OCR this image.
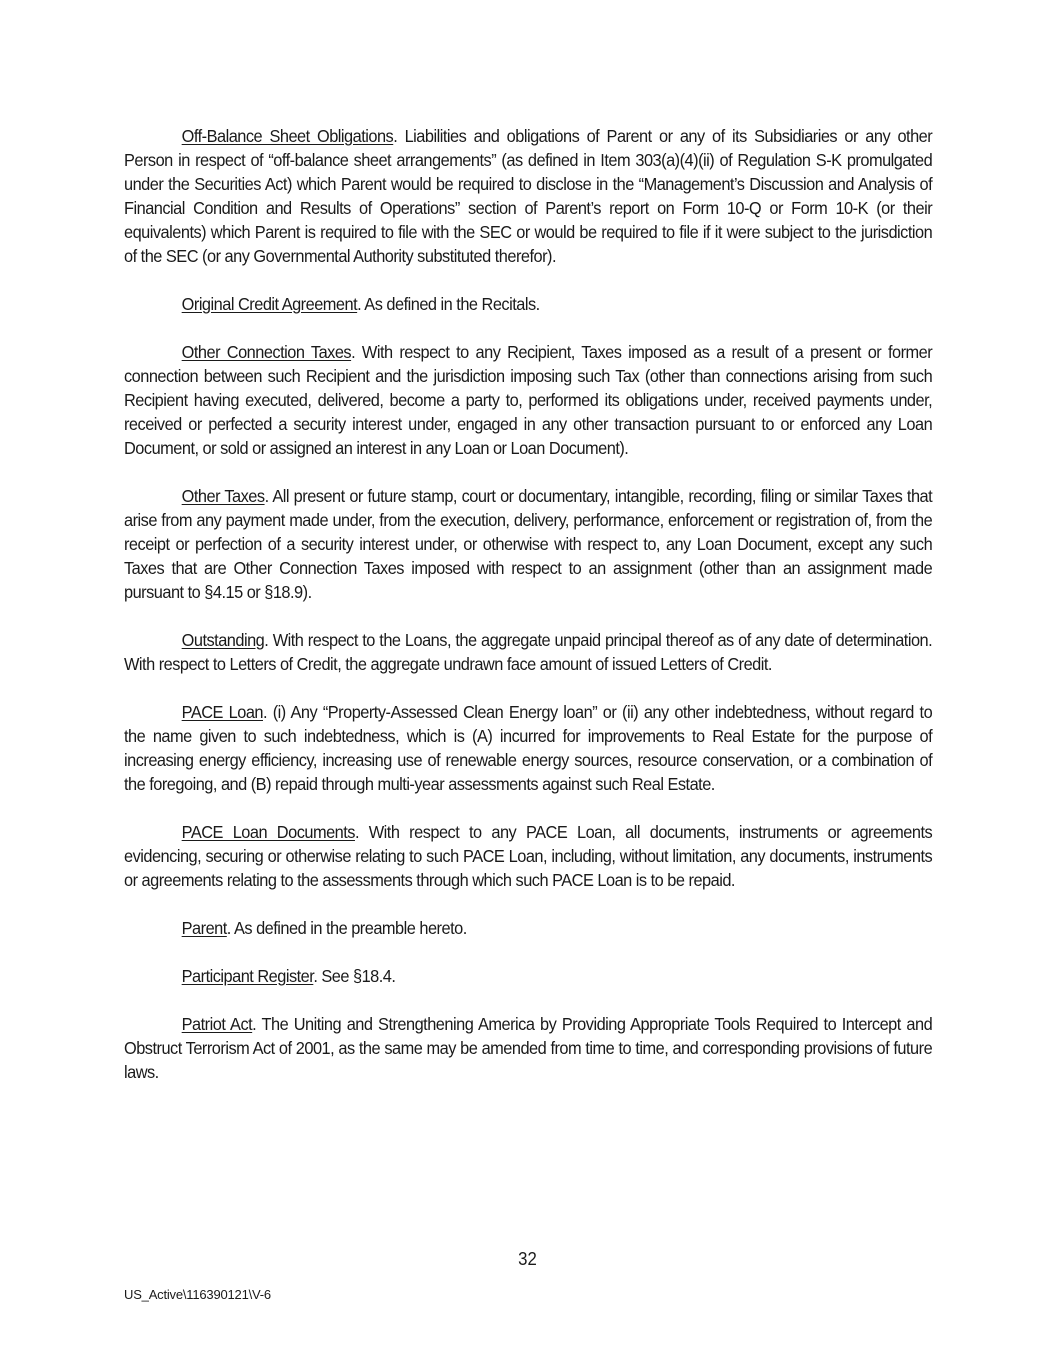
Off-Balance Sheet Obligations. Liabilities and obligations of Parent or any of its Subsidiaries or any other Person in respect of “off-balance sheet arrangements” (as defined in Item 303(a)(4)(ii) of Regulation S-K promulgated under the Securities Act) which Parent would be required to disclose in the “Management’s Discussion and Analysis of Financial Condition and Results of Operations” section of Parent’s report on Form 10-Q or Form 10-K (or their equivalents) which Parent is required to file with the SEC or would be required to file if it were subject to the jurisdiction of the SEC (or any Governmental Authority substituted therefor).

Original Credit Agreement. As defined in the Recitals.

Other Connection Taxes. With respect to any Recipient, Taxes imposed as a result of a present or former connection between such Recipient and the jurisdiction imposing such Tax (other than connections arising from such Recipient having executed, delivered, become a party to, performed its obligations under, received payments under, received or perfected a security interest under, engaged in any other transaction pursuant to or enforced any Loan Document, or sold or assigned an interest in any Loan or Loan Document).

Other Taxes. All present or future stamp, court or documentary, intangible, recording, filing or similar Taxes that arise from any payment made under, from the execution, delivery, performance, enforcement or registration of, from the receipt or perfection of a security interest under, or otherwise with respect to, any Loan Document, except any such Taxes that are Other Connection Taxes imposed with respect to an assignment (other than an assignment made pursuant to §4.15 or §18.9).

Outstanding. With respect to the Loans, the aggregate unpaid principal thereof as of any date of determination. With respect to Letters of Credit, the aggregate undrawn face amount of issued Letters of Credit.

PACE Loan. (i) Any “Property-Assessed Clean Energy loan” or (ii) any other indebtedness, without regard to the name given to such indebtedness, which is (A) incurred for improvements to Real Estate for the purpose of increasing energy efficiency, increasing use of renewable energy sources, resource conservation, or a combination of the foregoing, and (B) repaid through multi-year assessments against such Real Estate.

PACE Loan Documents. With respect to any PACE Loan, all documents, instruments or agreements evidencing, securing or otherwise relating to such PACE Loan, including, without limitation, any documents, instruments or agreements relating to the assessments through which such PACE Loan is to be repaid.

Parent. As defined in the preamble hereto.

Participant Register. See §18.4.

Patriot Act. The Uniting and Strengthening America by Providing Appropriate Tools Required to Intercept and Obstruct Terrorism Act of 2001, as the same may be amended from time to time, and corresponding provisions of future laws.

32
US_Active\116390121\V-6
